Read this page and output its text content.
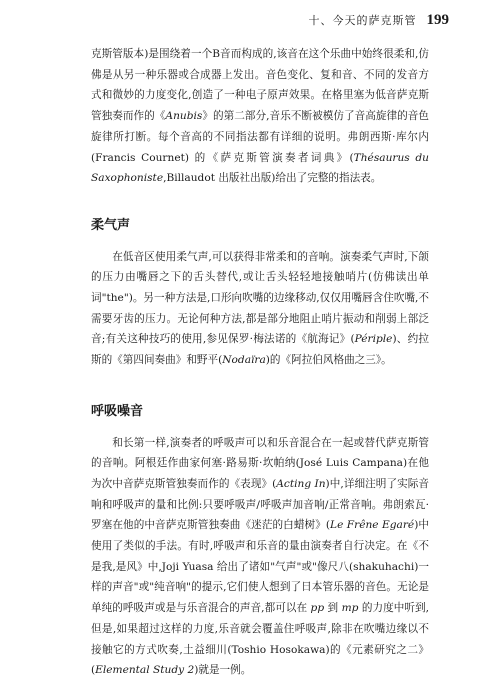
十、今天的萨克斯管 199

克斯管版本)是围绕着一个B音而构成的,该音在这个乐曲中始终很柔和,仿佛是从另一种乐器或合成器上发出。音色变化、复和音、不同的发音方式和微妙的力度变化,创造了一种电子原声效果。在格里塞为低音萨克斯管独奏而作的《Anubis》的第二部分,音乐不断被模仿了音高旋律的音色旋律所打断。每个音高的不同指法都有详细的说明。弗朗西斯·库尔内 (Francis Cournet) 的《萨克斯管演奏者词典》(Thésaurus du Saxophoniste,Billaudot 出版社出版)给出了完整的指法表。

柔气声

在低音区使用柔气声,可以获得非常柔和的音响。演奏柔气声时,下颌的压力由嘴唇之下的舌头替代,或让舌头轻轻地接触哨片(仿佛读出单词"the")。另一种方法是,口形向吹嘴的边缘移动,仅仅用嘴唇含住吹嘴,不需要牙齿的压力。无论何种方法,都是部分地阻止哨片振动和削弱上部泛音;有关这种技巧的使用,参见保罗·梅法诺的《航海记》(Périple)、约拉斯的《第四间奏曲》和野平(Nodaïra)的《阿拉伯风格曲之三》。

呼吸噪音

和长第一样,演奏者的呼吸声可以和乐音混合在一起或替代萨克斯管的音响。阿根廷作曲家何塞·路易斯·坎帕纳(José Luis Campana)在他为次中音萨克斯管独奏而作的《表现》(Acting In)中,详细注明了实际音响和呼吸声的量和比例:只要呼吸声/呼吸声加音响/正常音响。弗朗索瓦·罗塞在他的中音萨克斯管独奏曲《迷茫的白蜡树》(Le Frêne Egaré)中使用了类似的手法。有时,呼吸声和乐音的量由演奏者自行决定。在《不是我,是风》中,Joji Yuasa 给出了诸如"气声"或"像尺八(shakuhachi)一样的声音"或"纯音响"的提示,它们使人想到了日本管乐器的音色。无论是单纯的呼吸声或是与乐音混合的声音,都可以在 pp 到 mp 的力度中听到,但是,如果超过这样的力度,乐音就会覆盖住呼吸声,除非在吹嘴边缘以不接触它的方式吹奏,土益细川(Toshio Hosokawa)的《元素研究之二》(Elemental Study 2)就是一例。
